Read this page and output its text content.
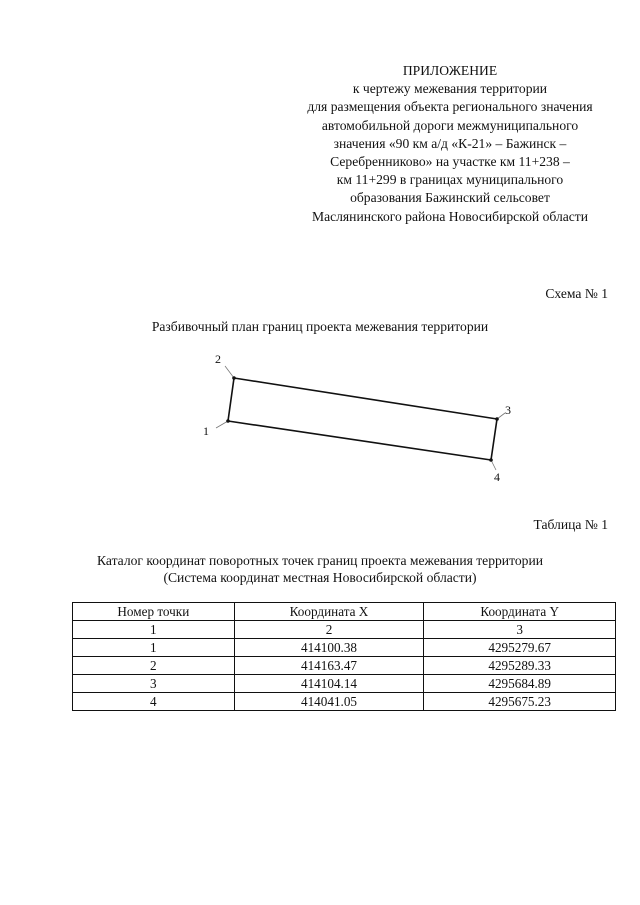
ПРИЛОЖЕНИЕ
к чертежу межевания территории
для размещения объекта регионального значения
автомобильной дороги межмуниципального
значения «90 км а/д «К-21» – Бажинск –
Серебренниково» на участке км 11+238 –
км 11+299 в границах муниципального
образования Бажинский сельсовет
Маслянинского района Новосибирской области
Схема № 1
Разбивочный план границ проекта межевания территории
1
2
3
4
Таблица № 1
Каталог координат поворотных точек границ проекта межевания территории
(Система координат местная Новосибирской области)
Номер точки	Координата X	Координата Y
1	2	3
1	414100.38	4295279.67
2	414163.47	4295289.33
3	414104.14	4295684.89
4	414041.05	4295675.23
